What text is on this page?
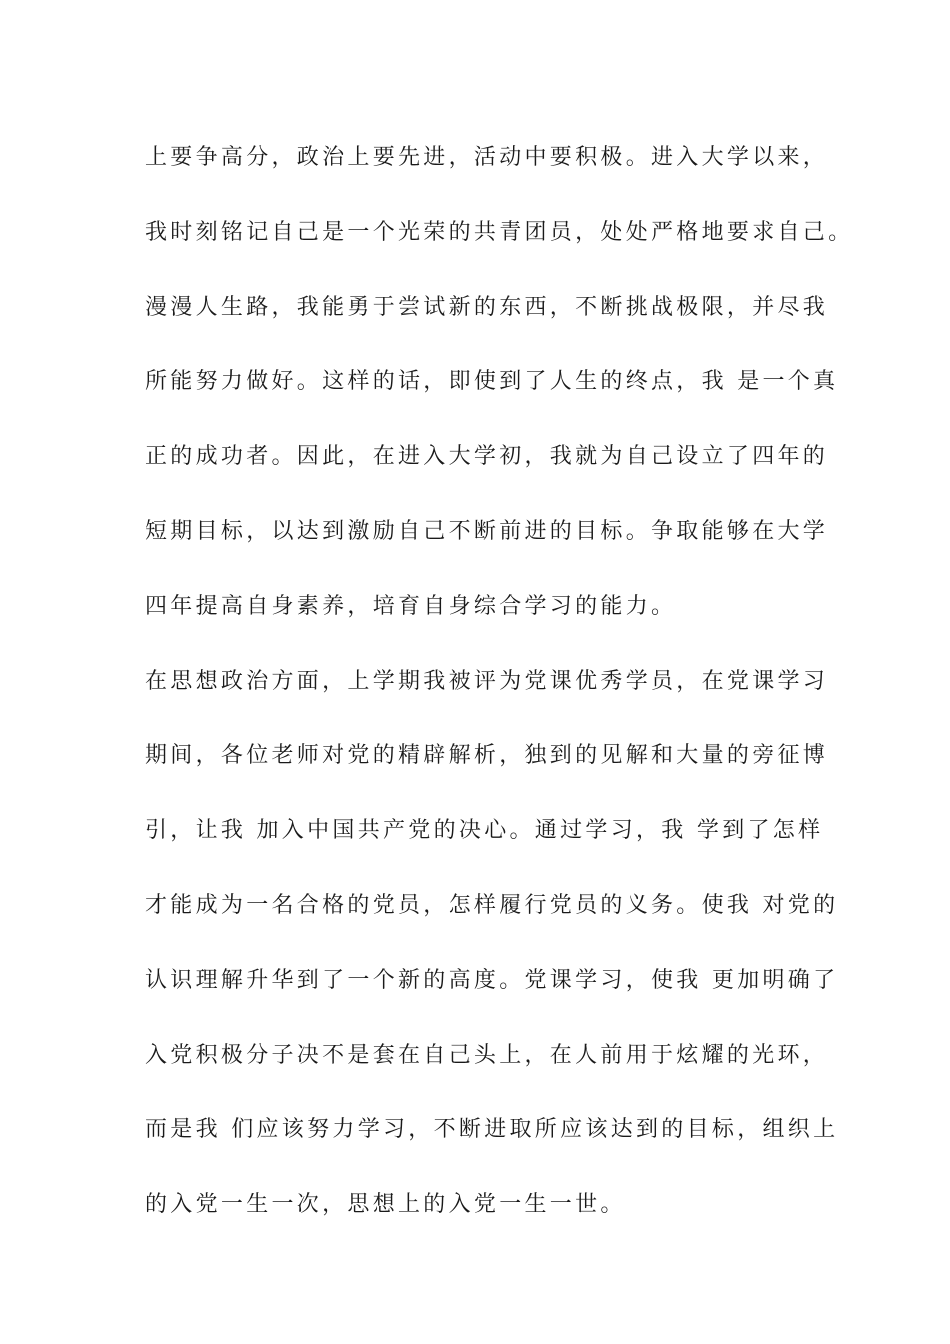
上要争高分，政治上要先进，活动中要积极。进入大学以来，
我时刻铭记自己是一个光荣的共青团员，处处严格地要求自己。
漫漫人生路，我能勇于尝试新的东西，不断挑战极限，并尽我
所能努力做好。这样的话，即使到了人生的终点，我 是一个真
正的成功者。因此，在进入大学初，我就为自己设立了四年的
短期目标，以达到激励自己不断前进的目标。争取能够在大学
四年提高自身素养，培育自身综合学习的能力。
在思想政治方面，上学期我被评为党课优秀学员，在党课学习
期间，各位老师对党的精辟解析，独到的见解和大量的旁征博
引，让我 加入中国共产党的决心。通过学习，我 学到了怎样
才能成为一名合格的党员，怎样履行党员的义务。使我 对党的
认识理解升华到了一个新的高度。党课学习，使我 更加明确了
入党积极分子决不是套在自己头上，在人前用于炫耀的光环，
而是我 们应该努力学习，不断进取所应该达到的目标，组织上
的入党一生一次，思想上的入党一生一世。
